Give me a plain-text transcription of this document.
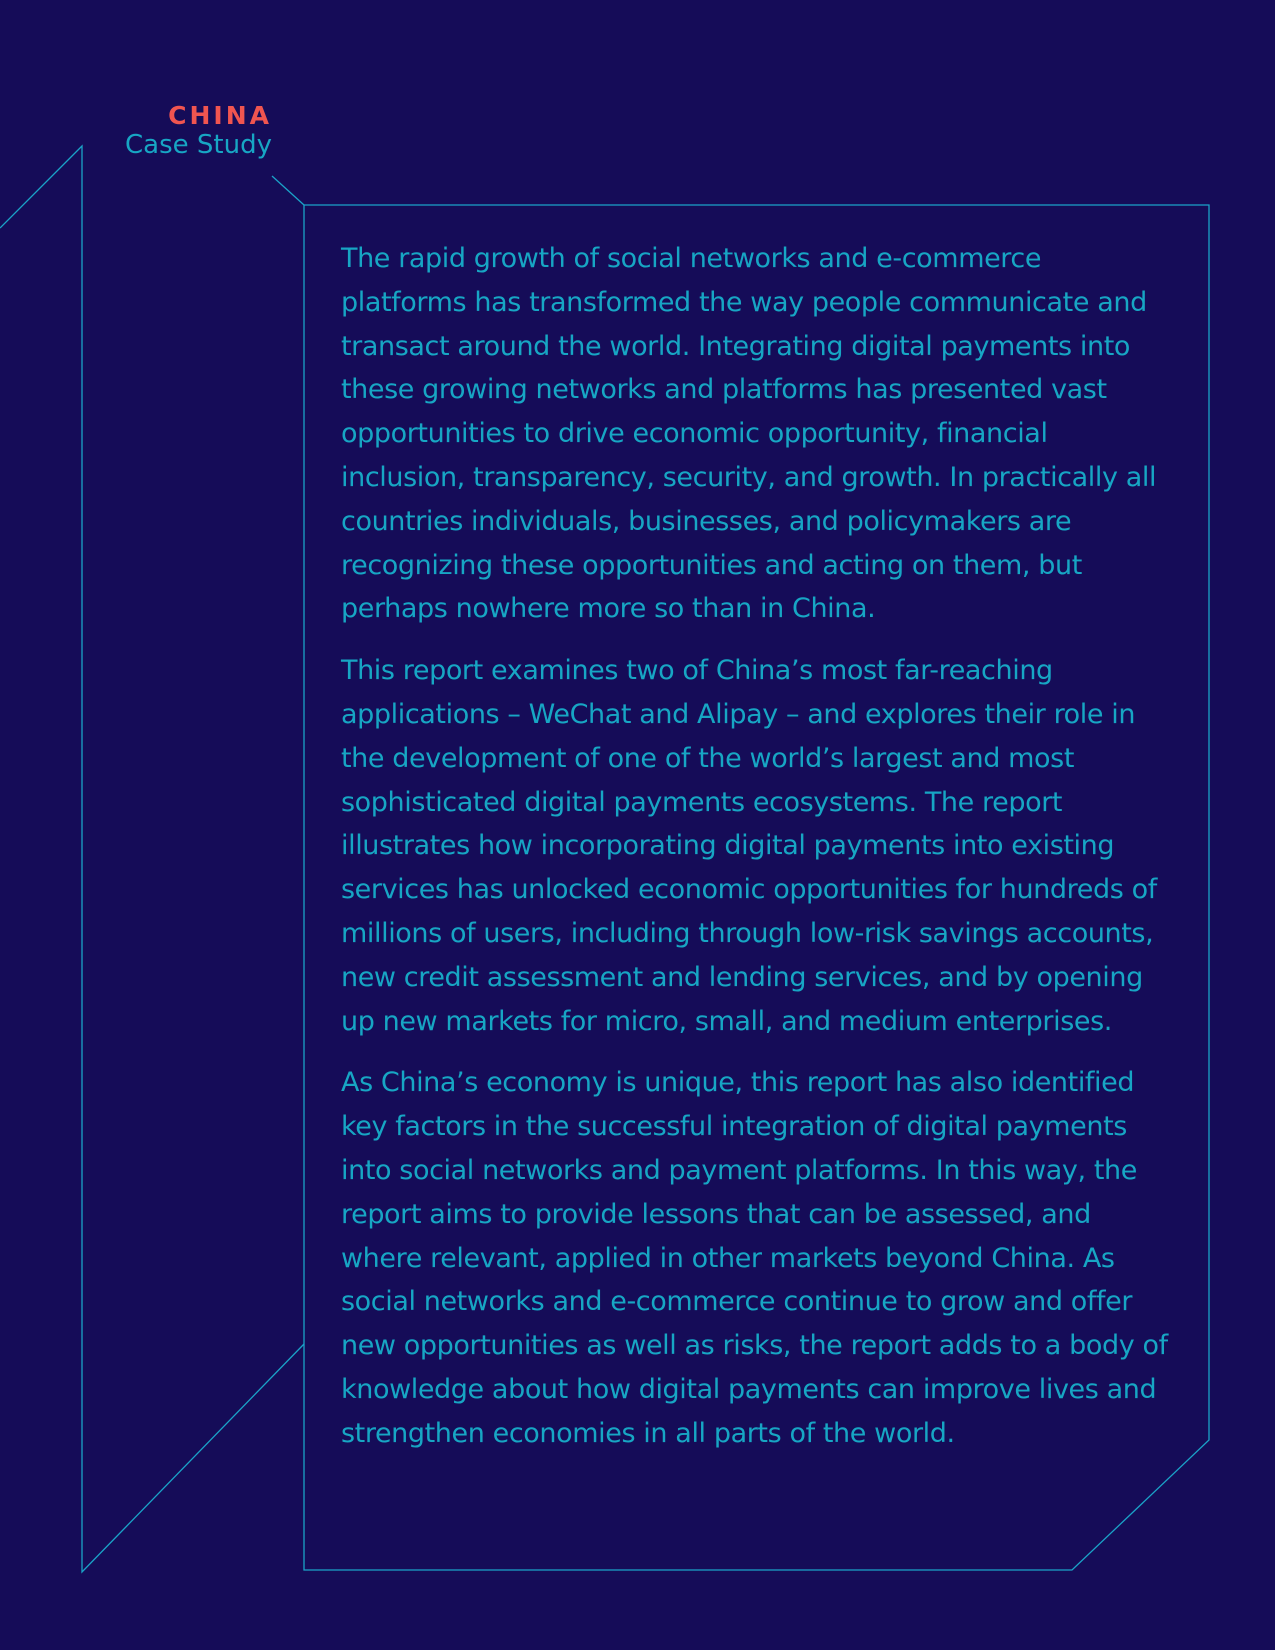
CHINA
Case Study

The rapid growth of social networks and e-commerce platforms has transformed the way people communicate and transact around the world. Integrating digital payments into these growing networks and platforms has presented vast opportunities to drive economic opportunity, financial inclusion, transparency, security, and growth. In practically all countries individuals, businesses, and policymakers are recognizing these opportunities and acting on them, but perhaps nowhere more so than in China.

This report examines two of China’s most far-reaching applications – WeChat and Alipay – and explores their role in the development of one of the world’s largest and most sophisticated digital payments ecosystems. The report illustrates how incorporating digital payments into existing services has unlocked economic opportunities for hundreds of millions of users, including through low-risk savings accounts, new credit assessment and lending services, and by opening up new markets for micro, small, and medium enterprises.

As China’s economy is unique, this report has also identified key factors in the successful integration of digital payments into social networks and payment platforms. In this way, the report aims to provide lessons that can be assessed, and where relevant, applied in other markets beyond China. As social networks and e-commerce continue to grow and offer new opportunities as well as risks, the report adds to a body of knowledge about how digital payments can improve lives and strengthen economies in all parts of the world.
